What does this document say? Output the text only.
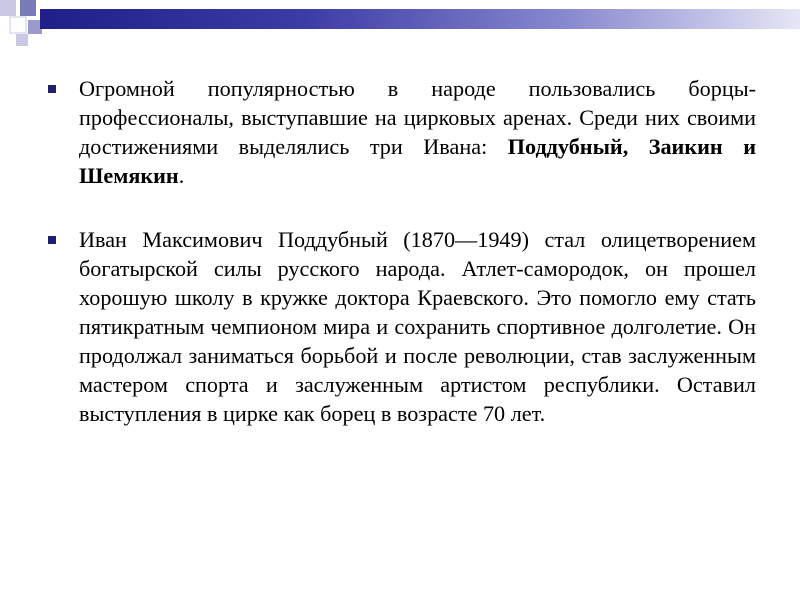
Огромной популярностью в народе пользовались борцы-профессионалы, выступавшие на цирковых аренах. Среди них своими достижениями выделялись три Ивана: Поддубный, Заикин и Шемякин.

Иван Максимович Поддубный (1870—1949) стал олицетворением богатырской силы русского народа. Атлет-самородок, он прошел хорошую школу в кружке доктора Краевского. Это помогло ему стать пятикратным чемпионом мира и сохранить спортивное долголетие. Он продолжал заниматься борьбой и после революции, став заслуженным мастером спорта и заслуженным артистом республики. Оставил выступления в цирке как борец в возрасте 70 лет.
